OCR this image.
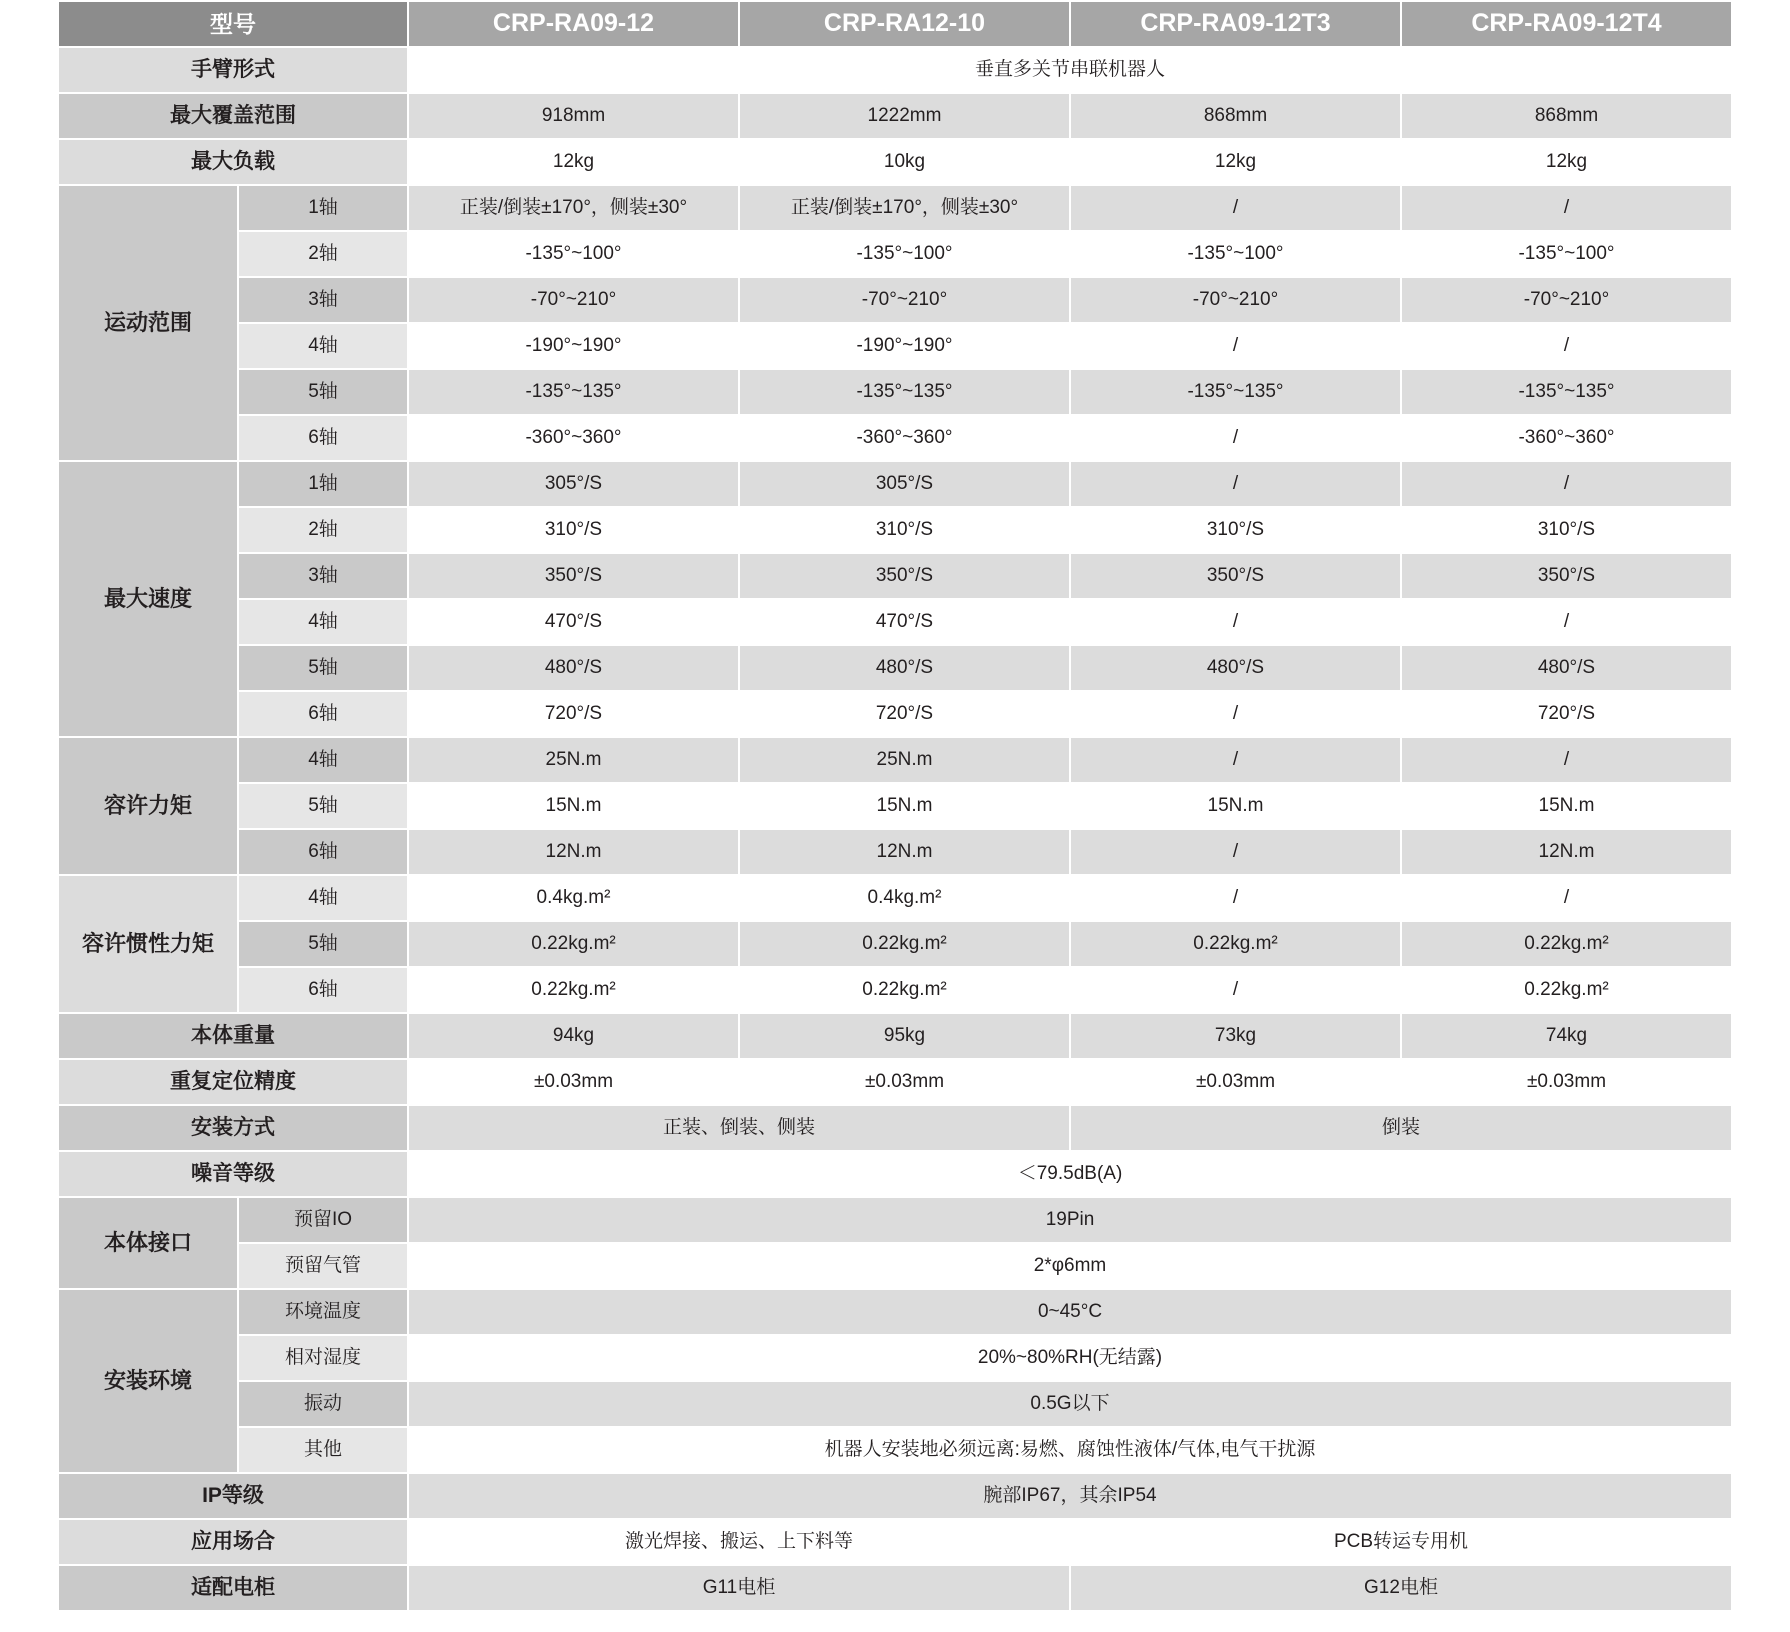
型号		CRP-RA09-12	CRP-RA12-10	CRP-RA09-12T3	CRP-RA09-12T4
手臂形式		垂直多关节串联机器人			
最大覆盖范围		918mm	1222mm	868mm	868mm
最大负载		12kg	10kg	12kg	12kg
运动范围	1轴	正装/倒装±170°，侧装±30°	正装/倒装±170°，侧装±30°	/	/
	2轴	-135°~100°	-135°~100°	-135°~100°	-135°~100°
	3轴	-70°~210°	-70°~210°	-70°~210°	-70°~210°
	4轴	-190°~190°	-190°~190°	/	/
	5轴	-135°~135°	-135°~135°	-135°~135°	-135°~135°
	6轴	-360°~360°	-360°~360°	/	-360°~360°
最大速度	1轴	305°/S	305°/S	/	/
	2轴	310°/S	310°/S	310°/S	310°/S
	3轴	350°/S	350°/S	350°/S	350°/S
	4轴	470°/S	470°/S	/	/
	5轴	480°/S	480°/S	480°/S	480°/S
	6轴	720°/S	720°/S	/	720°/S
容许力矩	4轴	25N.m	25N.m	/	/
	5轴	15N.m	15N.m	15N.m	15N.m
	6轴	12N.m	12N.m	/	12N.m
容许惯性力矩	4轴	0.4kg.m²	0.4kg.m²	/	/
	5轴	0.22kg.m²	0.22kg.m²	0.22kg.m²	0.22kg.m²
	6轴	0.22kg.m²	0.22kg.m²	/	0.22kg.m²
本体重量		94kg	95kg	73kg	74kg
重复定位精度		±0.03mm	±0.03mm	±0.03mm	±0.03mm
安装方式		正装、倒装、侧装		倒装	
噪音等级		＜79.5dB(A)			
本体接口	预留IO	19Pin			
	预留气管	2*φ6mm			
安装环境	环境温度	0~45°C			
	相对湿度	20%~80%RH(无结露)			
	振动	0.5G以下			
	其他	机器人安装地必须远离:易燃、腐蚀性液体/气体,电气干扰源			
IP等级		腕部IP67，其余IP54			
应用场合		激光焊接、搬运、上下料等		PCB转运专用机	
适配电柜		G11电柜		G12电柜	
